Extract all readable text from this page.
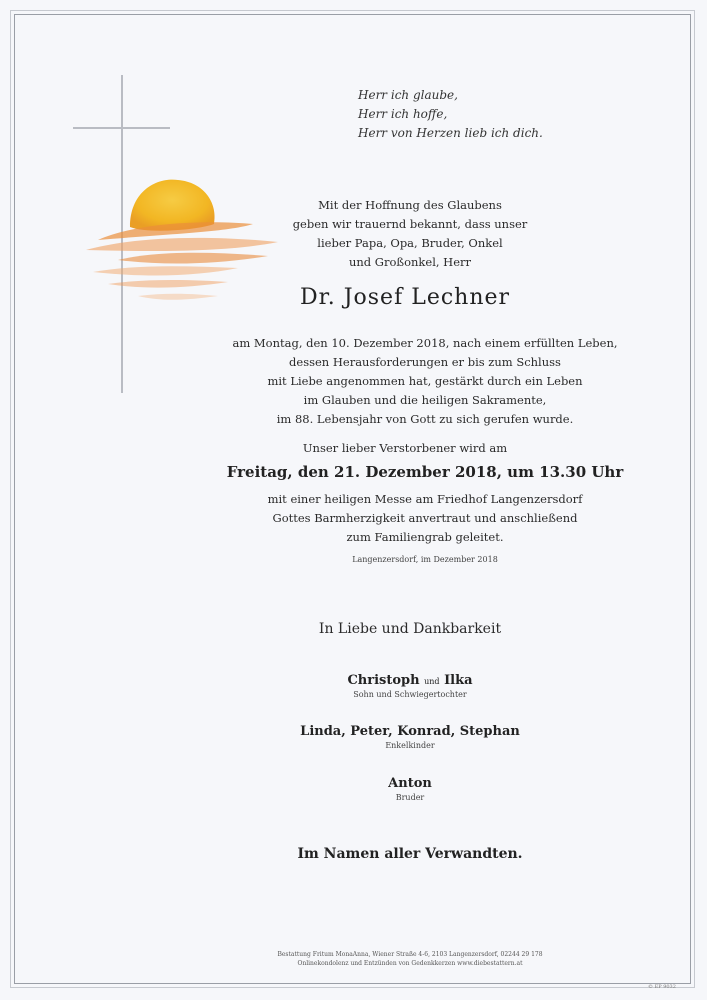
Herr ich glaube,
Herr ich hoffe,
Herr von Herzen lieb ich dich.
Mit der Hoffnung des Glaubens
geben wir trauernd bekannt, dass unser
lieber Papa, Opa, Bruder, Onkel
und Großonkel, Herr
Dr. Josef Lechner
am Montag, den 10. Dezember 2018, nach einem erfüllten Leben,
dessen Herausforderungen er bis zum Schluss
mit Liebe angenommen hat, gestärkt durch ein Leben
im Glauben und die heiligen Sakramente,
im 88. Lebensjahr von Gott zu sich gerufen wurde.
Unser lieber Verstorbener wird am
Freitag, den 21. Dezember 2018, um 13.30 Uhr
mit einer heiligen Messe am Friedhof Langenzersdorf
Gottes Barmherzigkeit anvertraut und anschließend
zum Familiengrab geleitet.
Langenzersdorf, im Dezember 2018
In Liebe und Dankbarkeit
Christoph und Ilka
Sohn und Schwiegertochter
Linda, Peter, Konrad, Stephan
Enkelkinder
Anton
Bruder
Im Namen aller Verwandten.
Bestattung Fritum MonaAnna, Wiener Straße 4-6, 2103 Langenzersdorf, 02244 29 178
Onlinekondolenz und Entzünden von Gedenkkerzen www.diebestattern.at
© EP 9032
